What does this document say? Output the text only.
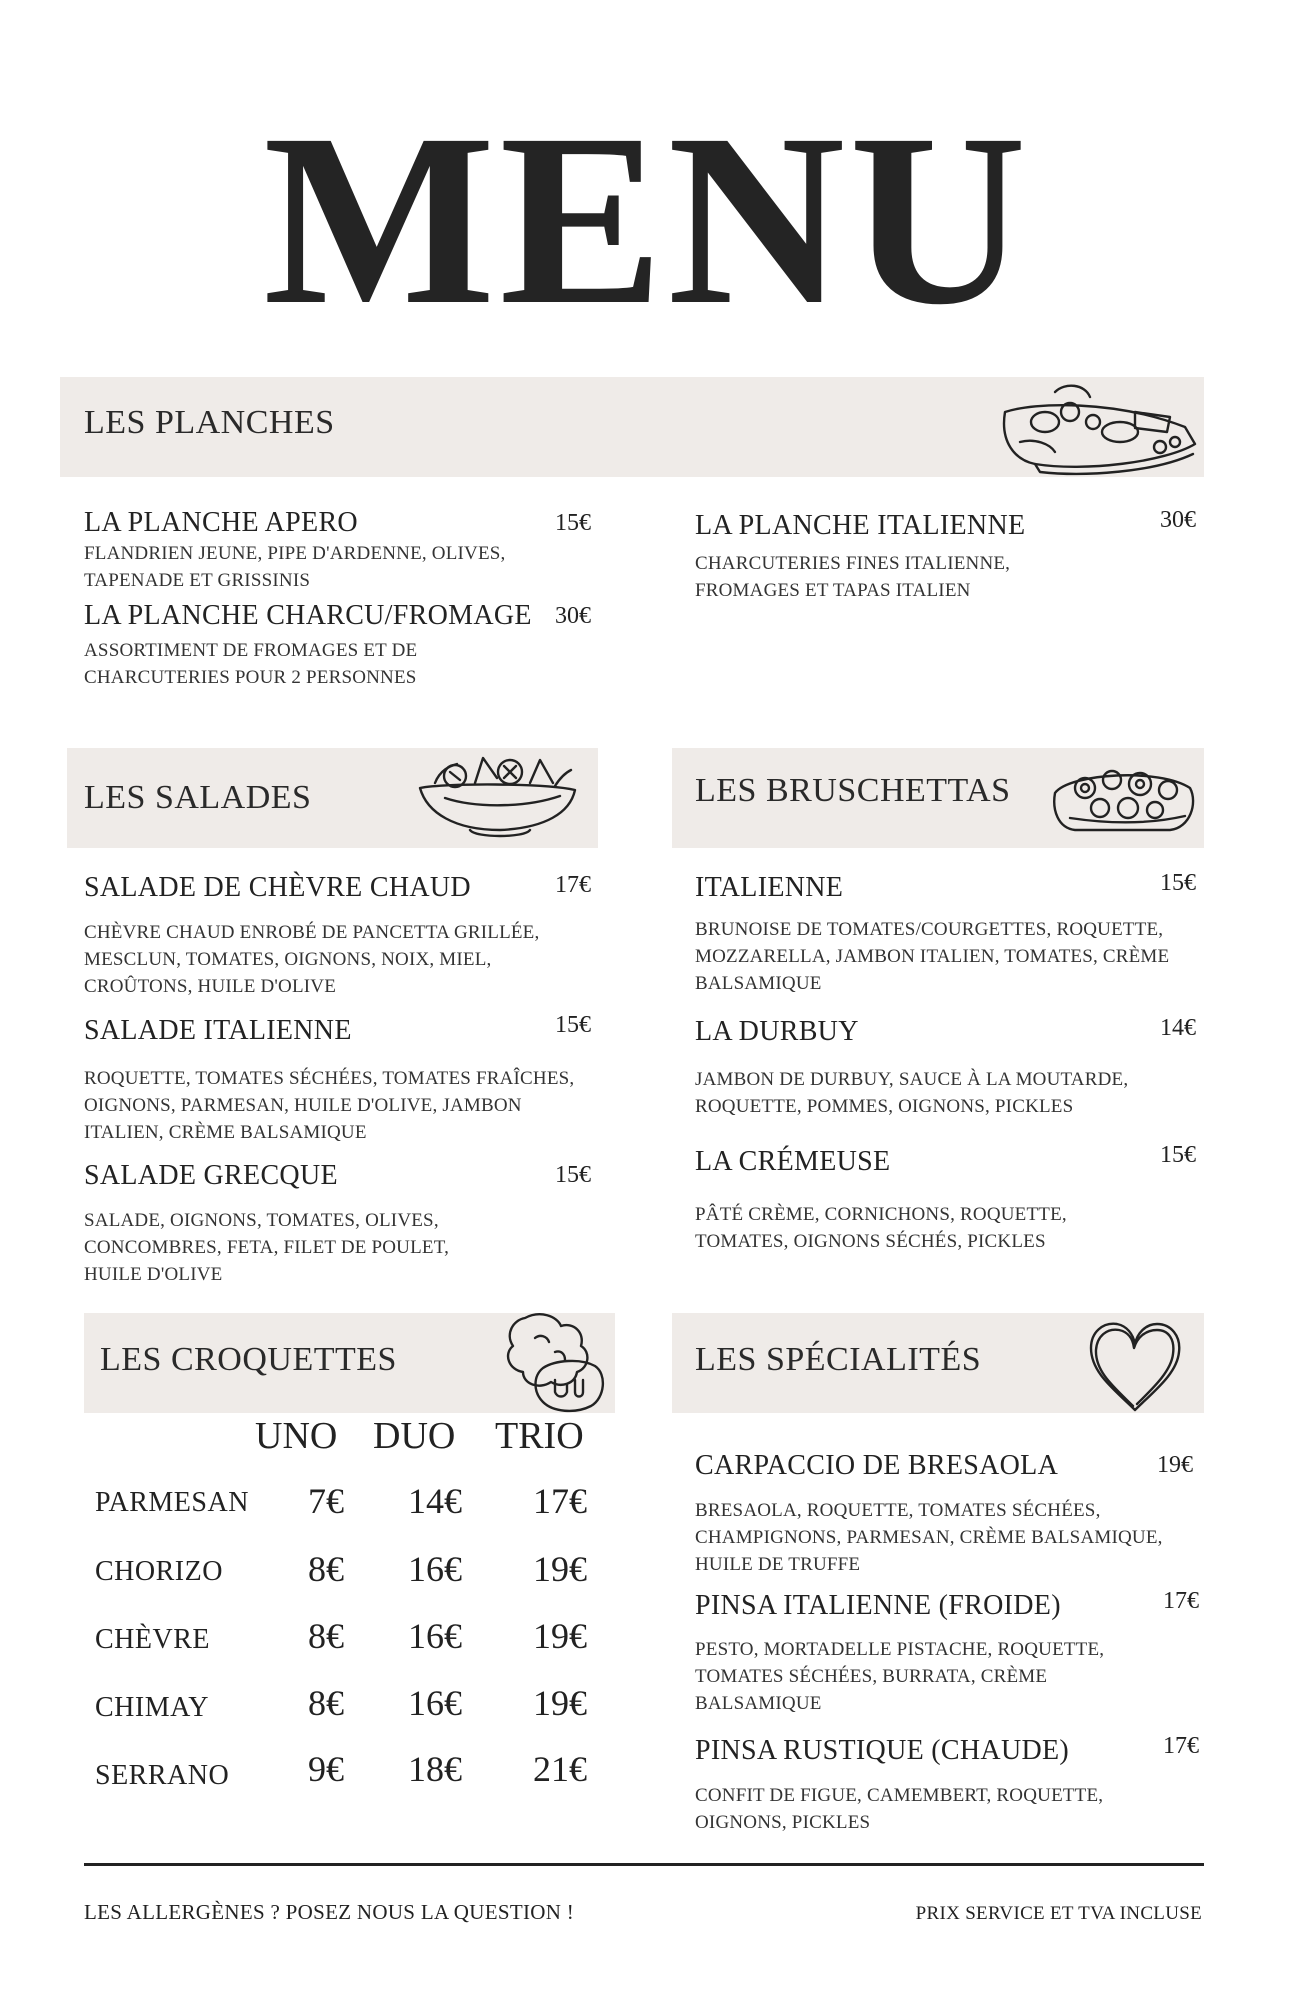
MENU
LES PLANCHES
LA PLANCHE APERO	15€
FLANDRIEN JEUNE, PIPE D'ARDENNE, OLIVES, TAPENADE ET GRISSINIS
LA PLANCHE CHARCU/FROMAGE 30€
ASSORTIMENT DE FROMAGES ET DE CHARCUTERIES POUR 2 PERSONNES
LA PLANCHE ITALIENNE	30€
CHARCUTERIES FINES ITALIENNE, FROMAGES ET TAPAS ITALIEN
LES SALADES
SALADE DE CHÈVRE CHAUD	17€
CHÈVRE CHAUD ENROBÉ DE PANCETTA GRILLÉE, MESCLUN, TOMATES, OIGNONS, NOIX, MIEL, CROÛTONS, HUILE D'OLIVE
SALADE ITALIENNE	15€
ROQUETTE, TOMATES SÉCHÉES, TOMATES FRAÎCHES, OIGNONS, PARMESAN, HUILE D'OLIVE, JAMBON ITALIEN, CRÈME BALSAMIQUE
SALADE GRECQUE	15€
SALADE, OIGNONS, TOMATES, OLIVES, CONCOMBRES, FETA, FILET DE POULET, HUILE D'OLIVE
LES BRUSCHETTAS
ITALIENNE	15€
BRUNOISE DE TOMATES/COURGETTES, ROQUETTE, MOZZARELLA, JAMBON ITALIEN, TOMATES, CRÈME BALSAMIQUE
LA DURBUY	14€
JAMBON DE DURBUY, SAUCE À LA MOUTARDE, ROQUETTE, POMMES, OIGNONS, PICKLES
LA CRÉMEUSE	15€
PÂTÉ CRÈME, CORNICHONS, ROQUETTE, TOMATES, OIGNONS SÉCHÉS, PICKLES
LES CROQUETTES
UNO DUO TRIO
PARMESAN 7€ 14€ 17€
CHORIZO 8€ 16€ 19€
CHÈVRE	8€ 16€ 19€
CHIMAY	8€ 16€ 19€
SERRANO 9€ 18€ 21€
LES SPÉCIALITÉS
CARPACCIO DE BRESAOLA	19€
BRESAOLA, ROQUETTE, TOMATES SÉCHÉES, CHAMPIGNONS, PARMESAN, CRÈME BALSAMIQUE, HUILE DE TRUFFE
PINSA ITALIENNE (FROIDE)	17€
PESTO, MORTADELLE PISTACHE, ROQUETTE, TOMATES SÉCHÉES, BURRATA, CRÈME BALSAMIQUE
PINSA RUSTIQUE (CHAUDE)	17€
CONFIT DE FIGUE, CAMEMBERT, ROQUETTE, OIGNONS, PICKLES
LES ALLERGÈNES ? POSEZ NOUS LA QUESTION !	PRIX SERVICE ET TVA INCLUSE
